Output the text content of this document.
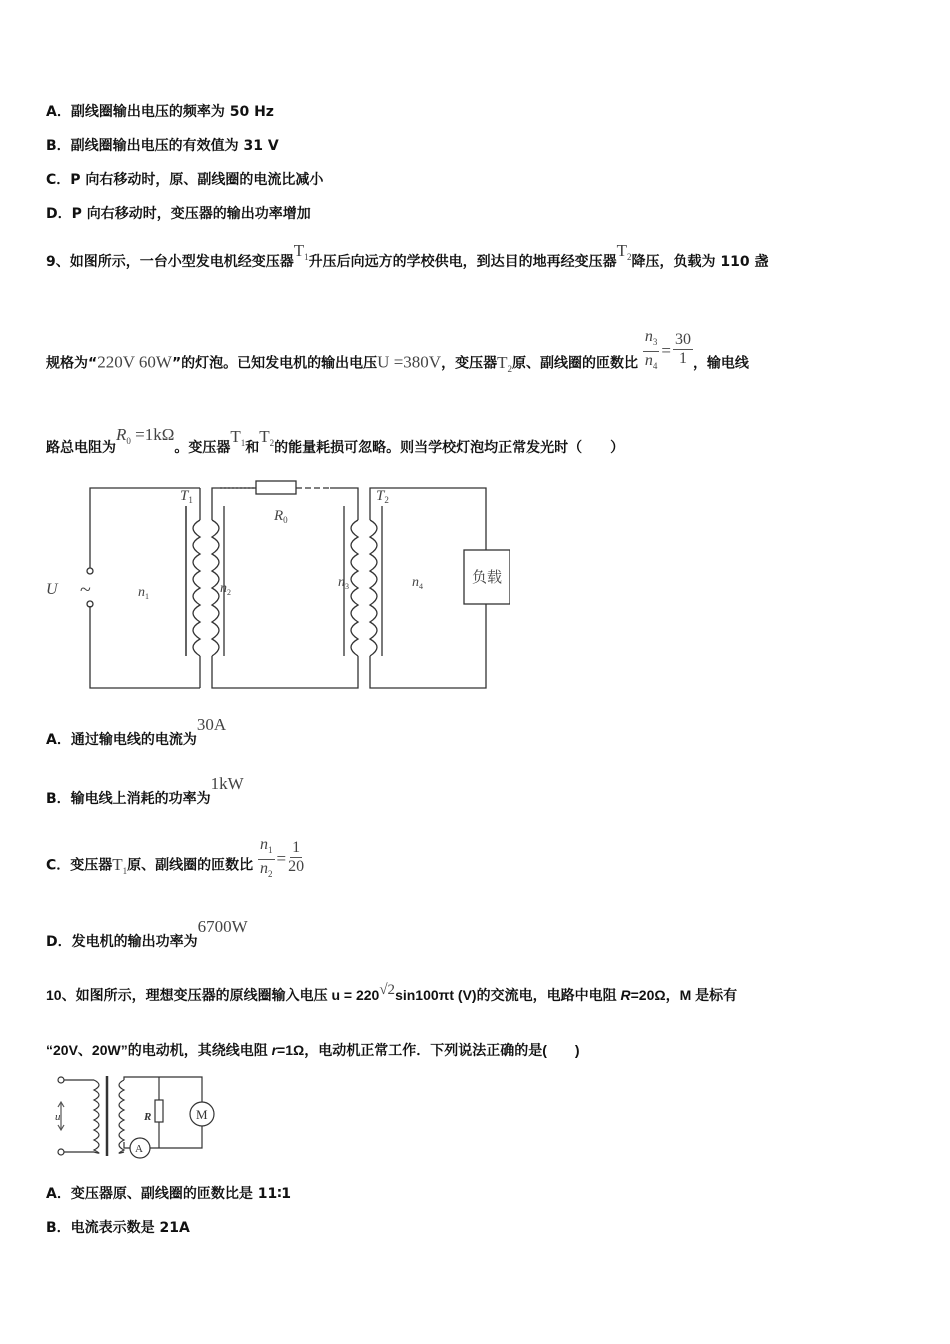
A．副线圈输出电压的频率为 50 Hz
B．副线圈输出电压的有效值为 31 V
C．P 向右移动时，原、副线圈的电流比减小
D．P 向右移动时，变压器的输出功率增加
9、如图所示，一台小型发电机经变压器$T_1$升压后向远方的学校供电，到达目的地再经变压器$T_2$降压，负载为 110 盏
规格为“220V 60W”的灯泡。已知发电机的输出电压U =380V，变压器$T_2$原、副线圈的匝数比 $\frac{n_3}{n_4} = \frac{30}{1}$ ，输电线
路总电阻为$R_0 =1k\Omega$。变压器$T_1$和$T_2$的能量耗损可忽略。则当学校灯泡均正常发光时（　　）
$T_1$	$T_2$
$R_0$
U ~	$n_1$
$n_2$
$n_3$	$n_4$
负载
A．通过输电线的电流为30A
B．输电线上消耗的功率为1kW
C．变压器$T_1$原、副线圈的匝数比 $\frac{n_1}{n_2} = \frac{1}{20}$
D．发电机的输出功率为6700W
10、如图所示，理想变压器的原线圈输入电压 u = 220√2sin100πt (V)的交流电，电路中电阻 R=20Ω，M 是标有
“20V、20W”的电动机，其绕线电阻 r=1Ω，电动机正常工作．下列说法正确的是(　　)
u	R	M
A
A．变压器原、副线圈的匝数比是 11∶1
B．电流表示数是 21A
